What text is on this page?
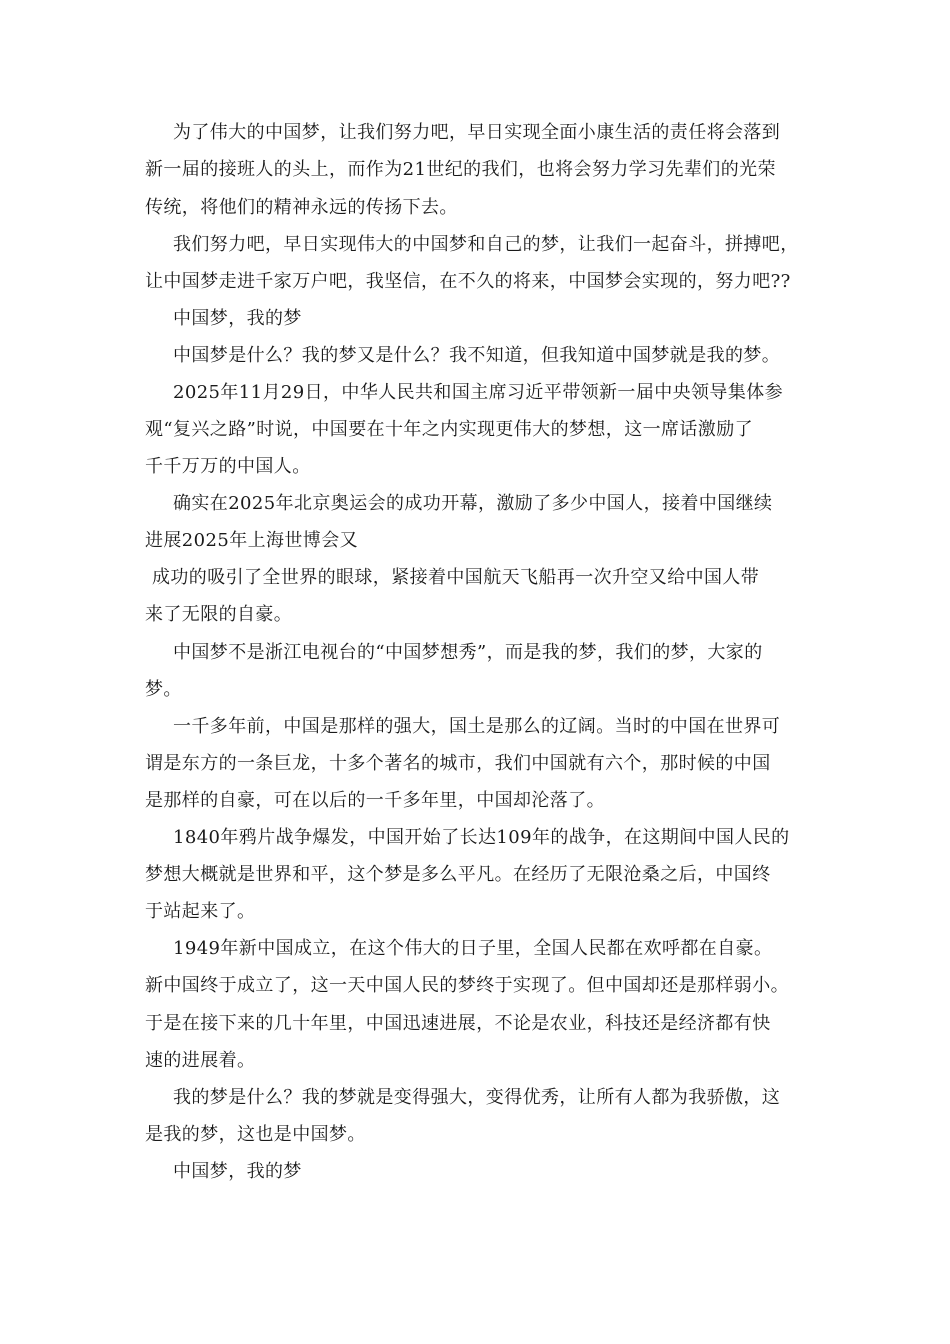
为了伟大的中国梦，让我们努力吧，早日实现全面小康生活的责任将会落到
新一届的接班人的头上，而作为21世纪的我们，也将会努力学习先辈们的光荣
传统，将他们的精神永远的传扬下去。
我们努力吧，早日实现伟大的中国梦和自己的梦，让我们一起奋斗，拼搏吧，
让中国梦走进千家万户吧，我坚信，在不久的将来，中国梦会实现的，努力吧??
中国梦，我的梦
中国梦是什么？我的梦又是什么？我不知道，但我知道中国梦就是我的梦。
2025年11月29日，中华人民共和国主席习近平带领新一届中央领导集体参
观“复兴之路”时说，中国要在十年之内实现更伟大的梦想，这一席话激励了
千千万万的中国人。
确实在2025年北京奥运会的成功开幕，激励了多少中国人，接着中国继续
进展2025年上海世博会又
成功的吸引了全世界的眼球，紧接着中国航天飞船再一次升空又给中国人带
来了无限的自豪。
中国梦不是浙江电视台的“中国梦想秀”，而是我的梦，我们的梦，大家的
梦。
一千多年前，中国是那样的强大，国土是那么的辽阔。当时的中国在世界可
谓是东方的一条巨龙，十多个著名的城市，我们中国就有六个，那时候的中国
是那样的自豪，可在以后的一千多年里，中国却沦落了。
1840年鸦片战争爆发，中国开始了长达109年的战争，在这期间中国人民的
梦想大概就是世界和平，这个梦是多么平凡。在经历了无限沧桑之后，中国终
于站起来了。
1949年新中国成立，在这个伟大的日子里，全国人民都在欢呼都在自豪。
新中国终于成立了，这一天中国人民的梦终于实现了。但中国却还是那样弱小。
于是在接下来的几十年里，中国迅速进展，不论是农业，科技还是经济都有快
速的进展着。
我的梦是什么？我的梦就是变得强大，变得优秀，让所有人都为我骄傲，这
是我的梦，这也是中国梦。
中国梦，我的梦
